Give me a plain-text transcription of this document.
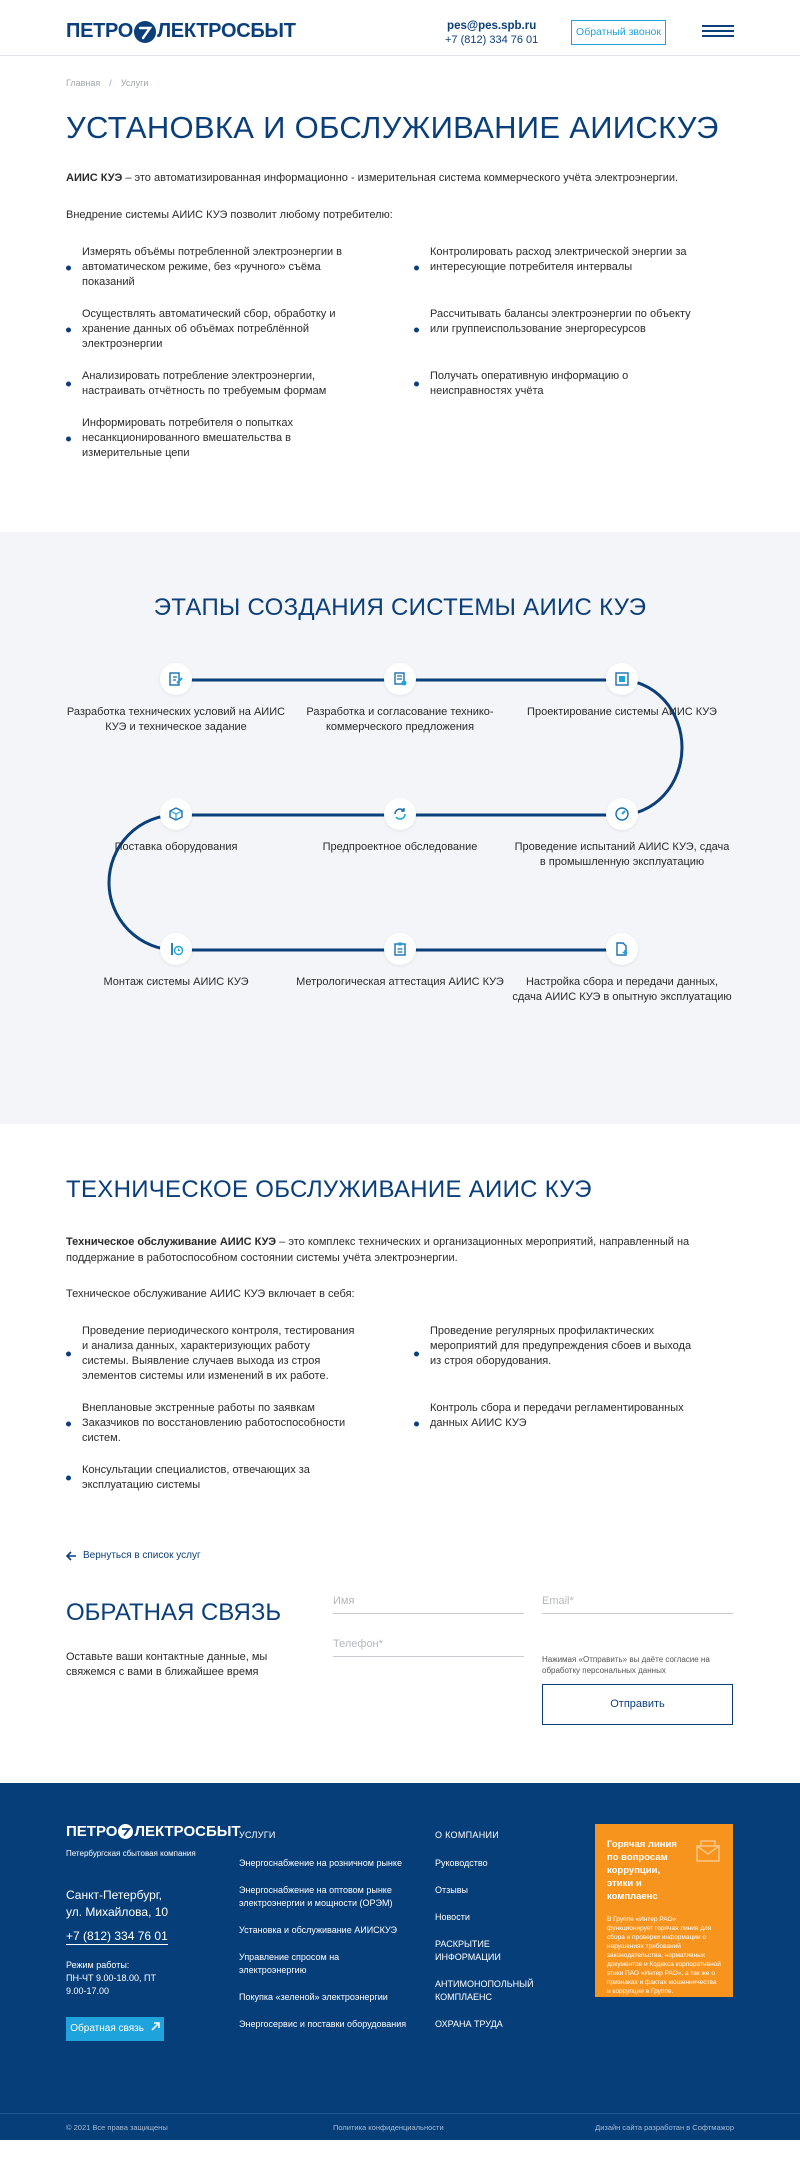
ПЕТРО ЛЕКТРОСБЫТ	pes@pes.spb.ru
+7 (812) 334 76 01
Обратный звонок
Главная / Услуги
УСТАНОВКА И ОБСЛУЖИВАНИЕ АИИСКУЭ

АИИС КУЭ – это автоматизированная информационно - измерительная система коммерческого учёта электроэнергии.

Внедрение системы АИИС КУЭ позволит любому потребителю:

Измерять объёмы потребленной электроэнергии в автоматическом режиме, без «ручного» съёма показаний
Контролировать расход электрической энергии за интересующие потребителя интервалы
Осуществлять автоматический сбор, обработку и хранение данных об объёмах потреблённой электроэнергии
Рассчитывать балансы электроэнергии по объекту или группеиспользование энергоресурсов
Анализировать потребление электроэнергии, настраивать отчётность по требуемым формам
Получать оперативную информацию о неисправностях учёта
Информировать потребителя о попытках несанкционированного вмешательства в измерительные цепи
ЭТАПЫ СОЗДАНИЯ СИСТЕМЫ АИИС КУЭ
Разработка технических условий на АИИС КУЭ и техническое задание
Разработка и согласование технико-коммерческого предложения
Проектирование системы АИИС КУЭ
Проведение испытаний АИИС КУЭ, сдача в промышленную эксплуатацию
Предпроектное обследование
Поставка оборудования
Монтаж системы АИИС КУЭ	Метрологическая аттестация АИИС КУЭ	Настройка сбора и передачи данных, сдача АИИС КУЭ в опытную эксплуатацию
ТЕХНИЧЕСКОЕ ОБСЛУЖИВАНИЕ АИИС КУЭ

Техническое обслуживание АИИС КУЭ – это комплекс технических и организационных мероприятий, направленный на поддержание в работоспособном состоянии системы учёта электроэнергии.

Техническое обслуживание АИИС КУЭ включает в себя:

Проведение периодического контроля, тестирования и анализа данных, характеризующих работу системы. Выявление случаев выхода из строя элементов системы или изменений в их работе.
Проведение регулярных профилактических мероприятий для предупреждения сбоев и выхода из строя оборудования.
Внеплановые экстренные работы по заявкам Заказчиков по восстановлению работоспособности систем.
Контроль сбора и передачи регламентированных данных АИИС КУЭ
Консультации специалистов, отвечающих за эксплуатацию системы
Вернуться в список услуг
ОБРАТНАЯ СВЯЗЬ

Оставьте ваши контактные данные, мы свяжемся с вами в ближайшее время

Имя	Email*
Телефон*

Нажимая «Отправить» вы даёте согласие на обработку персональных данных

Отправить
ПЕТРО ЛЕКТРОСБЫТ
Петербургская сбытовая компания
Санкт-Петербург,
ул. Михайлова, 10
+7 (812) 334 76 01
Режим работы:
ПН-ЧТ 9.00-18.00, ПТ
9.00-17.00
Обратная связь
УСЛУГИ
Энергоснабжение на розничном рынке
Энергоснабжение на оптовом рынке электроэнергии и мощности (ОРЭМ)
Установка и обслуживание АИИСКУЭ
Управление спросом на электроэнергию
Покупка «зеленой» электроэнергии
Энергосервис и поставки оборудования
О КОМПАНИИ
Руководство
Отзывы
Новости
РАСКРЫТИЕ ИНФОРМАЦИИ
АНТИМОНОПОЛЬНЫЙ КОМПЛАЕНС
ОХРАНА ТРУДА
Горячая линия по вопросам коррупции, этики и комплаенс
В Группе «Интер РАО» функционирует горячая линия для сбора и проверки информации о нарушениях требований законодательства, нормативных документов и Кодекса корпоративной этики ПАО «Интер РАО», а так же о признаках и фактах мошенничества и коррупции в Группе.
© 2021 Все права защищены	Политика конфиденциальности	Дизайн сайта разработан в Софтмажор
